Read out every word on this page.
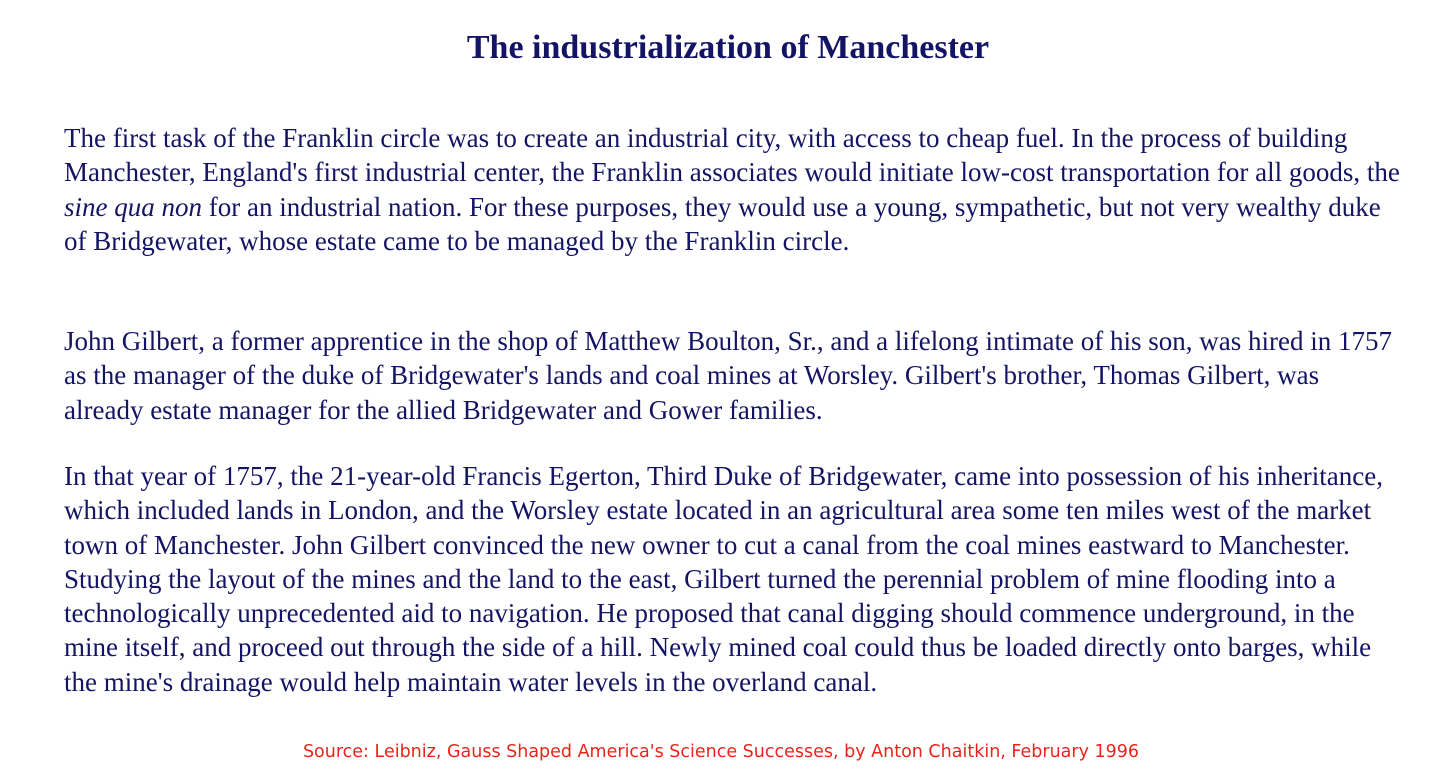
The industrialization of Manchester

The first task of the Franklin circle was to create an industrial city, with access to cheap fuel. In the process of building Manchester, England's first industrial center, the Franklin associates would initiate low-cost transportation for all goods, the sine qua non for an industrial nation. For these purposes, they would use a young, sympathetic, but not very wealthy duke of Bridgewater, whose estate came to be managed by the Franklin circle.

John Gilbert, a former apprentice in the shop of Matthew Boulton, Sr., and a lifelong intimate of his son, was hired in 1757 as the manager of the duke of Bridgewater's lands and coal mines at Worsley. Gilbert's brother, Thomas Gilbert, was already estate manager for the allied Bridgewater and Gower families.

In that year of 1757, the 21-year-old Francis Egerton, Third Duke of Bridgewater, came into possession of his inheritance, which included lands in London, and the Worsley estate located in an agricultural area some ten miles west of the market town of Manchester. John Gilbert convinced the new owner to cut a canal from the coal mines eastward to Manchester. Studying the layout of the mines and the land to the east, Gilbert turned the perennial problem of mine flooding into a technologically unprecedented aid to navigation. He proposed that canal digging should commence underground, in the mine itself, and proceed out through the side of a hill. Newly mined coal could thus be loaded directly onto barges, while the mine's drainage would help maintain water levels in the overland canal.

Source: Leibniz, Gauss Shaped America's Science Successes, by Anton Chaitkin, February 1996
